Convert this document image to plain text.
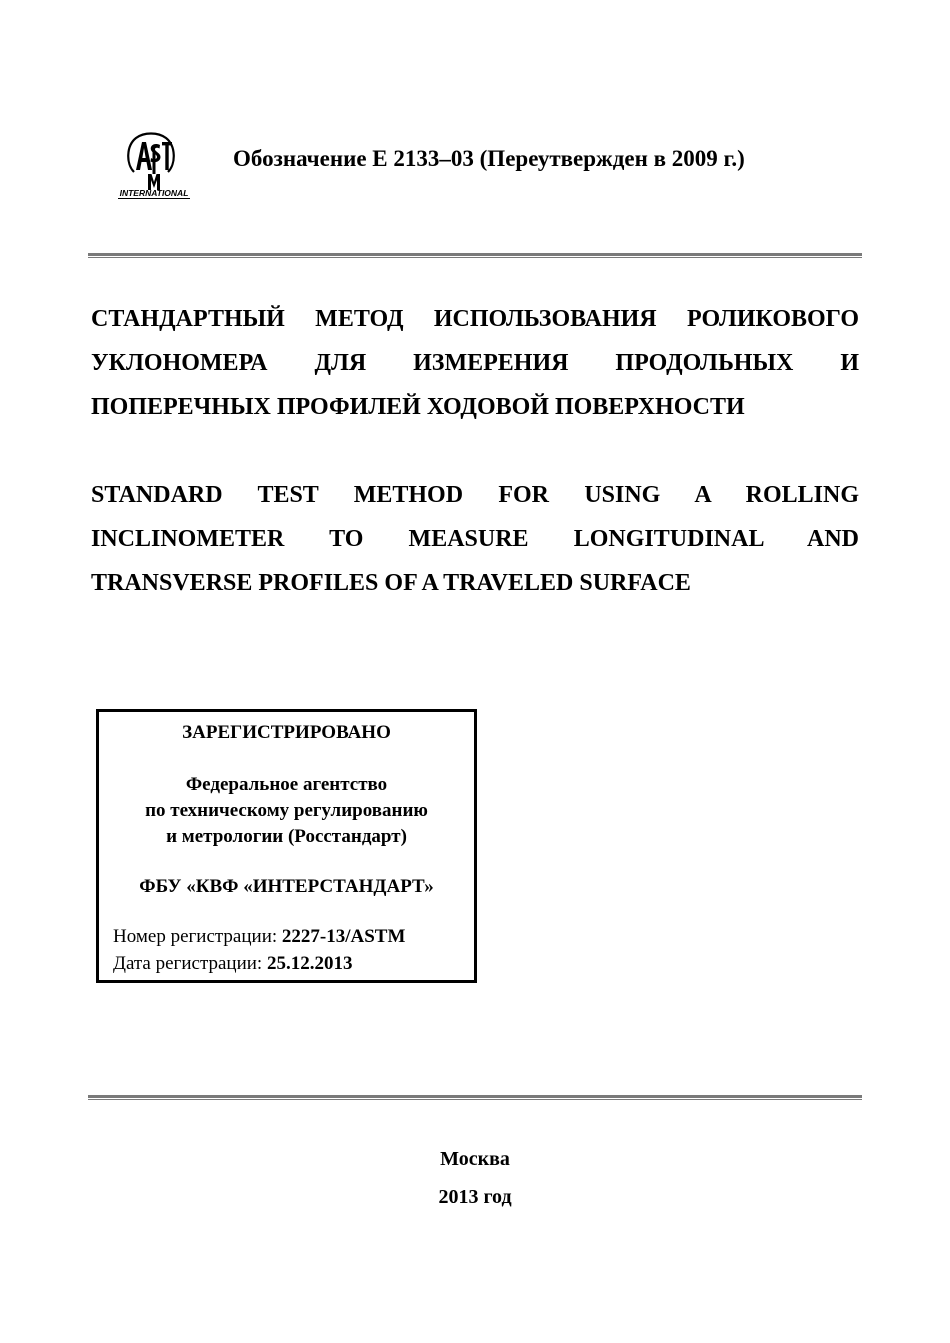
INTERNATIONAL
Обозначение E 2133–03 (Переутвержден в 2009 г.)
СТАНДАРТНЫЙ МЕТОД ИСПОЛЬЗОВАНИЯ РОЛИКОВОГО
УКЛОНОМЕРА ДЛЯ ИЗМЕРЕНИЯ ПРОДОЛЬНЫХ И
ПОПЕРЕЧНЫХ ПРОФИЛЕЙ ХОДОВОЙ ПОВЕРХНОСТИ
STANDARD TEST METHOD FOR USING A ROLLING
INCLINOMETER TO MEASURE LONGITUDINAL AND
TRANSVERSE PROFILES OF A TRAVELED SURFACE
ЗАРЕГИСТРИРОВАНО
Федеральное агентство
по техническому регулированию
и метрологии (Росстандарт)
ФБУ «КВФ «ИНТЕРСТАНДАРТ»
Номер регистрации: 2227-13/ASTM
Дата регистрации: 25.12.2013
Москва
2013 год
